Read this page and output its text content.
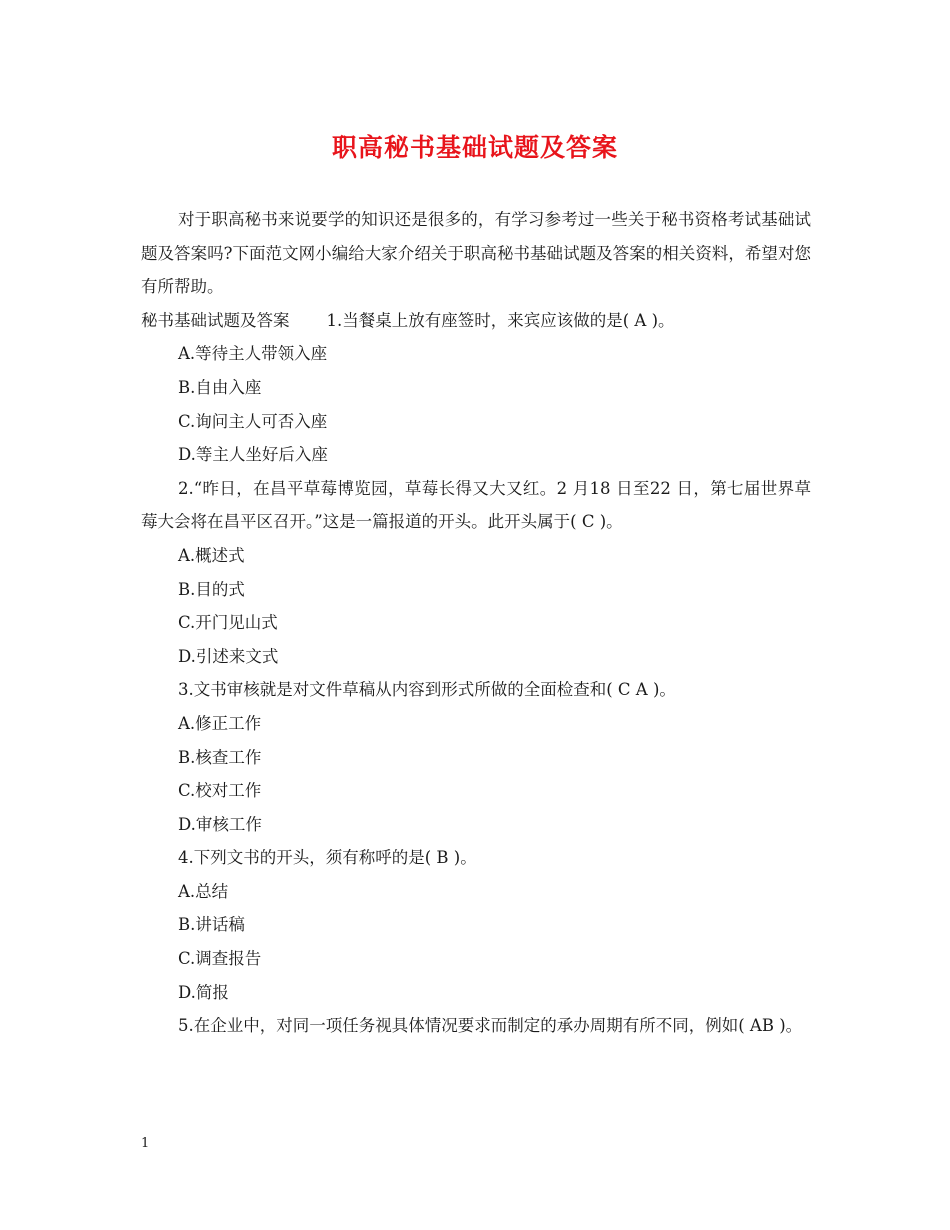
职高秘书基础试题及答案

对于职高秘书来说要学的知识还是很多的，有学习参考过一些关于秘书资格考试基础试题及答案吗?下面范文网小编给大家介绍关于职高秘书基础试题及答案的相关资料，希望对您有所帮助。

秘书基础试题及答案 1.当餐桌上放有座签时，来宾应该做的是( A )。

A.等待主人带领入座

B.自由入座

C.询问主人可否入座

D.等主人坐好后入座

2.“昨日，在昌平草莓博览园，草莓长得又大又红。2 月18 日至22 日，第七届世界草莓大会将在昌平区召开。”这是一篇报道的开头。此开头属于( C )。

A.概述式

B.目的式

C.开门见山式

D.引述来文式

3.文书审核就是对文件草稿从内容到形式所做的全面检查和( C A )。

A.修正工作

B.核查工作

C.校对工作

D.审核工作

4.下列文书的开头，须有称呼的是( B )。

A.总结

B.讲话稿

C.调查报告

D.简报

5.在企业中，对同一项任务视具体情况要求而制定的承办周期有所不同，例如( AB )。

1
